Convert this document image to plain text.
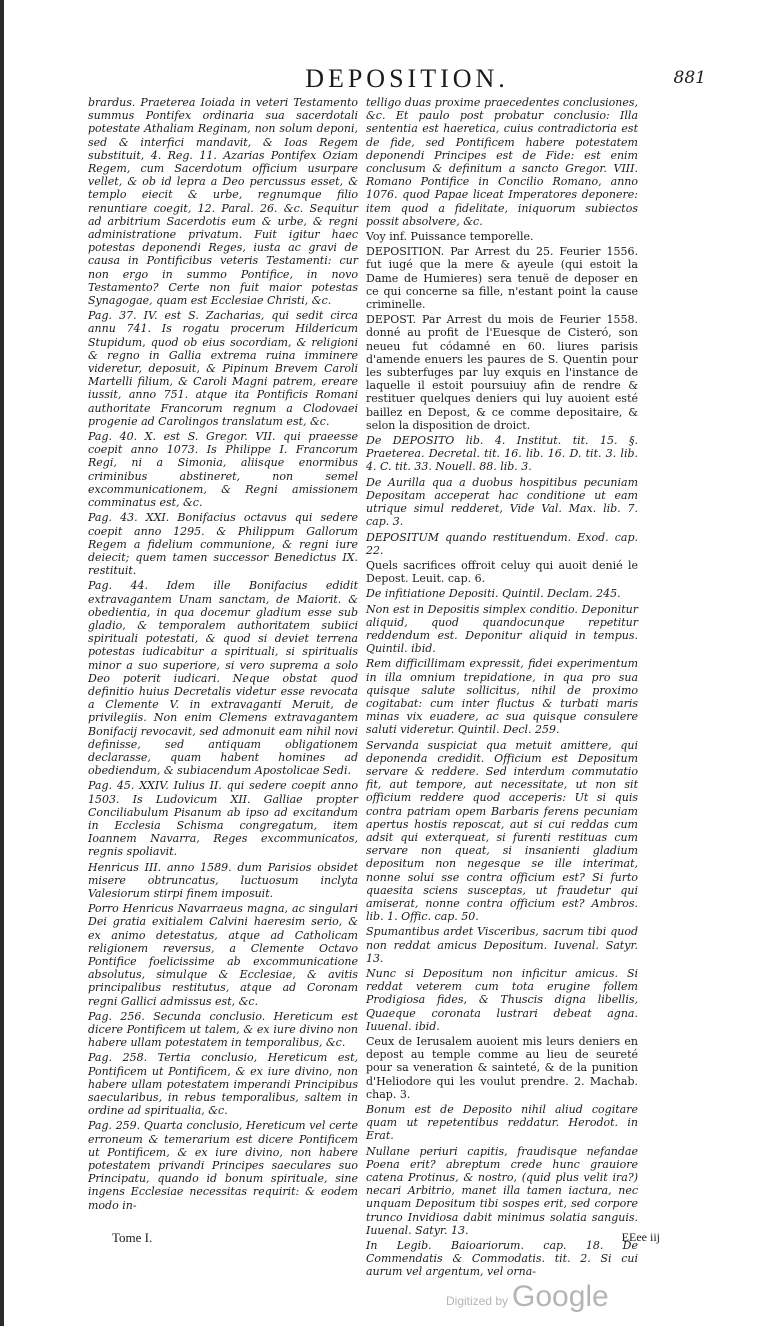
DEPOSITION.	881

brardus. Praeterea Ioiada in veteri Testamento summus Pontifex ordinaria sua sacerdotali potestate Athaliam Reginam, non solum deponi, sed & interfici mandavit, & Ioas Regem substituit, 4. Reg. 11. Azarias Pontifex Oziam Regem, cum Sacerdotum officium usurpare vellet, & ob id lepra a Deo percussus esset, & templo eiecit & urbe, regnumque filio renuntiare coegit, 12. Paral. 26. &c. Sequitur ad arbitrium Sacerdotis eum & urbe, & regni administratione privatum. Fuit igitur haec potestas deponendi Reges, iusta ac gravi de causa in Pontificibus veteris Testamenti: cur non ergo in summo Pontifice, in novo Testamento? Certe non fuit maior potestas Synagogae, quam est Ecclesiae Christi, &c.

Pag. 37. IV. est S. Zacharias, qui sedit circa annu 741. Is rogatu procerum Hildericum Stupidum, quod ob eius socordiam, & religioni & regno in Gallia extrema ruina imminere videretur, deposuit, & Pipinum Brevem Caroli Martelli filium, & Caroli Magni patrem, ereare iussit, anno 751. atque ita Pontificis Romani authoritate Francorum regnum a Clodovaei progenie ad Carolingos translatum est, &c.

Pag. 40. X. est S. Gregor. VII. qui praeesse coepit anno 1073. Is Philippe I. Francorum Regi, ni a Simonia, aliisque enormibus criminibus abstineret, non semel excommunicationem, & Regni amissionem comminatus est, &c.

Pag. 43. XXI. Bonifacius octavus qui sedere coepit anno 1295. & Philippum Gallorum Regem a fidelium communione, & regni iure deiecit; quem tamen successor Benedictus IX. restituit.

Pag. 44. Idem ille Bonifacius edidit extravagantem Unam sanctam, de Maiorit. & obedientia, in qua docemur gladium esse sub gladio, & temporalem authoritatem subiici spirituali potestati, & quod si deviet terrena potestas iudicabitur a spirituali, si spiritualis minor a suo superiore, si vero suprema a solo Deo poterit iudicari. Neque obstat quod definitio huius Decretalis videtur esse revocata a Clemente V. in extravaganti Meruit, de privilegiis. Non enim Clemens extravagantem Bonifacij revocavit, sed admonuit eam nihil novi definisse, sed antiquam obligationem declarasse, quam habent homines ad obediendum, & subiacendum Apostolicae Sedi.

Pag. 45. XXIV. Iulius II. qui sedere coepit anno 1503. Is Ludovicum XII. Galliae propter Conciliabulum Pisanum ab ipso ad excitandum in Ecclesia Schisma congregatum, item Ioannem Navarra, Reges excommunicatos, regnis spoliavit.

Henricus III. anno 1589. dum Parisios obsidet misere obtruncatus, luctuosum inclyta Valesiorum stirpi finem imposuit.

Porro Henricus Navarraeus magna, ac singulari Dei gratia exitialem Calvini haeresim serio, & ex animo detestatus, atque ad Catholicam religionem reversus, a Clemente Octavo Pontifice foelicissime ab excommunicatione absolutus, simulque & Ecclesiae, & avitis principalibus restitutus, atque ad Coronam regni Gallici admissus est, &c.

Pag. 256. Secunda conclusio. Hereticum est dicere Pontificem ut talem, & ex iure divino non habere ullam potestatem in temporalibus, &c.

Pag. 258. Tertia conclusio, Hereticum est, Pontificem ut Pontificem, & ex iure divino, non habere ullam potestatem imperandi Principibus saecularibus, in rebus temporalibus, saltem in ordine ad spiritualia, &c.

Pag. 259. Quarta conclusio, Hereticum vel certe erroneum & temerarium est dicere Pontificem ut Pontificem, & ex iure divino, non habere potestatem privandi Principes saeculares suo Principatu, quando id bonum spirituale, sine ingens Ecclesiae necessitas requirit: & eodem modo in-

telligo duas proxime praecedentes conclusiones, &c. Et paulo post probatur conclusio: Illa sententia est haeretica, cuius contradictoria est de fide, sed Pontificem habere potestatem deponendi Principes est de Fide: est enim conclusum & definitum a sancto Gregor. VIII. Romano Pontifice in Concilio Romano, anno 1076. quod Papae liceat Imperatores deponere: item quod a fidelitate, iniquorum subiectos possit absolvere, &c.

Voy inf. Puissance temporelle.

DEPOSITION. Par Arrest du 25. Feurier 1556. fut iugé que la mere & ayeule (qui estoit la Dame de Humieres) sera tenuë de deposer en ce qui concerne sa fille, n'estant point la cause criminelle.

DEPOST. Par Arrest du mois de Feurier 1558. donné au profit de l'Euesque de Cisteró, son neueu fut códamné en 60. liures parisis d'amende enuers les paures de S. Quentin pour les subterfuges par luy exquis en l'instance de laquelle il estoit poursuiuy afin de rendre & restituer quelques deniers qui luy auoient esté baillez en Depost, & ce comme depositaire, & selon la disposition de droict.

De DEPOSITO lib. 4. Institut. tit. 15. §. Praeterea. Decretal. tit. 16. lib. 16. D. tit. 3. lib. 4. C. tit. 33. Nouell. 88. lib. 3.

De Aurilla qua a duobus hospitibus pecuniam Depositam acceperat hac conditione ut eam utrique simul redderet, Vide Val. Max. lib. 7. cap. 3.

DEPOSITUM quando restituendum. Exod. cap. 22.

Quels sacrifices offroit celuy qui auoit denié le Depost. Leuit. cap. 6.

De infitiatione Depositi. Quintil. Declam. 245.

Non est in Depositis simplex conditio. Deponitur aliquid, quod quandocunque repetitur reddendum est. Deponitur aliquid in tempus. Quintil. ibid.

Rem difficillimam expressit, fidei experimentum in illa omnium trepidatione, in qua pro sua quisque salute sollicitus, nihil de proximo cogitabat: cum inter fluctus & turbati maris minas vix euadere, ac sua quisque consulere saluti videretur. Quintil. Decl. 259.

Servanda suspiciat qua metuit amittere, qui deponenda credidit. Officium est Depositum servare & reddere. Sed interdum commutatio fit, aut tempore, aut necessitate, ut non sit officium reddere quod acceperis: Ut si quis contra patriam opem Barbaris ferens pecuniam apertus hostis reposcat, aut si cui reddas cum adsit qui exterqueat, si furenti restituas cum servare non queat, si insanienti gladium depositum non negesque se ille interimat, nonne solui sse contra officium est? Si furto quaesita sciens susceptas, ut fraudetur qui amiserat, nonne contra officium est? Ambros. lib. 1. Offic. cap. 50.

Spumantibus ardet Visceribus, sacrum tibi quod non reddat amicus Depositum. Iuvenal. Satyr. 13.

Nunc si Depositum non inficitur amicus. Si reddat veterem cum tota erugine follem Prodigiosa fides, & Thuscis digna libellis, Quaeque coronata lustrari debeat agna. Iuuenal. ibid.

Ceux de Ierusalem auoient mis leurs deniers en depost au temple comme au lieu de seureté pour sa veneration & sainteté, & de la punition d'Heliodore qui les voulut prendre. 2. Machab. chap. 3.

Bonum est de Deposito nihil aliud cogitare quam ut repetentibus reddatur. Herodot. in Erat.

Nullane periuri capitis, fraudisque nefandae Poena erit? abreptum crede hunc grauiore catena Protinus, & nostro, (quid plus velit ira?) necari Arbitrio, manet illa tamen iactura, nec unquam Depositum tibi sospes erit, sed corpore trunco Invidiosa dabit minimus solatia sanguis. Iuuenal. Satyr. 13.

In Legib. Baioariorum. cap. 18. De Commendatis & Commodatis. tit. 2. Si cui aurum vel argentum, vel orna-

Tome I.	EEee iij
Digitized by Google
